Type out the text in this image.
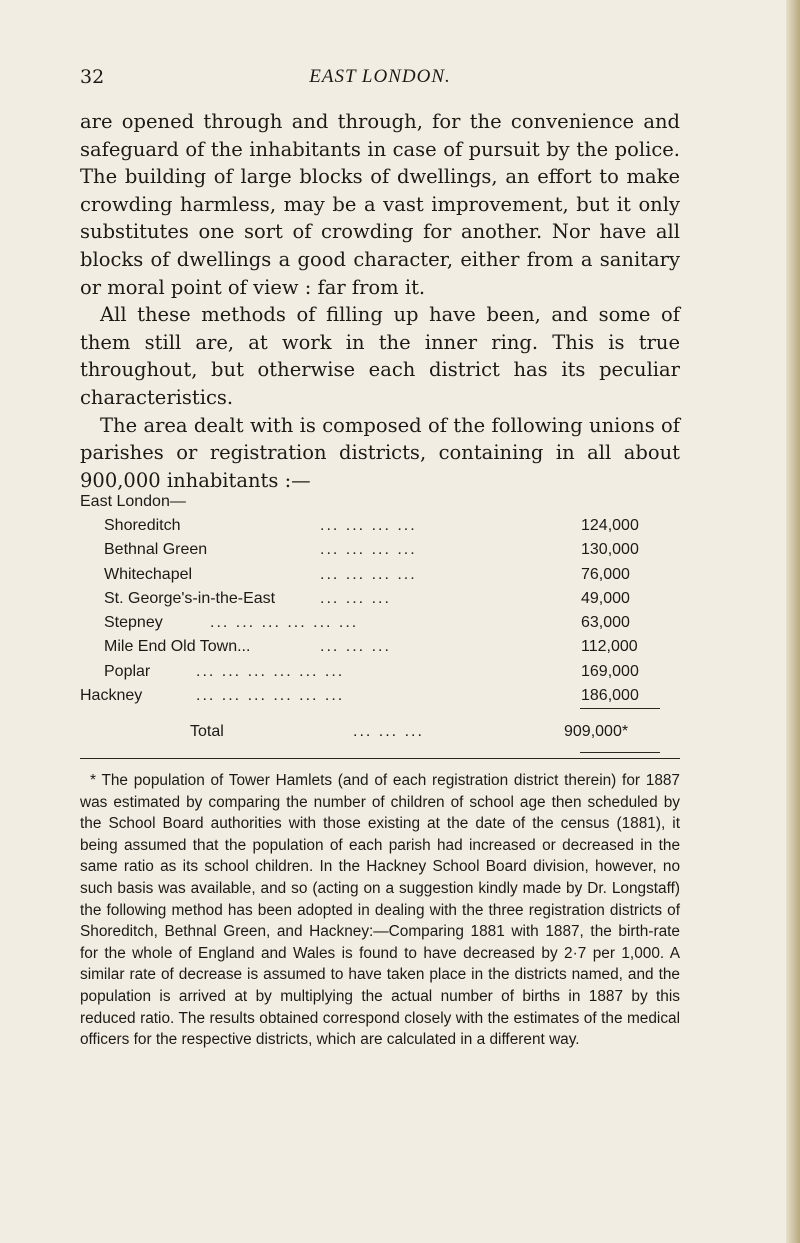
32	EAST LONDON.

are opened through and through, for the convenience and safeguard of the inhabitants in case of pursuit by the police. The building of large blocks of dwellings, an effort to make crowding harmless, may be a vast improvement, but it only substitutes one sort of crowding for another. Nor have all blocks of dwellings a good character, either from a sanitary or moral point of view : far from it.

All these methods of filling up have been, and some of them still are, at work in the inner ring. This is true throughout, but otherwise each district has its peculiar characteristics.

The area dealt with is composed of the following unions of parishes or registration districts, containing in all about 900,000 inhabitants :—

East London—
Shoreditch	... ... ... ...	124,000
Bethnal Green	... ... ... ...	130,000
Whitechapel	... ... ... ...	76,000
St. George's-in-the-East	... ... ...	49,000
Stepney	... ... ... ... ... ...	63,000
Mile End Old Town...	... ... ...	112,000
Poplar	... ... ... ... ... ...	169,000
Hackney	... ... ... ... ... ...	186,000
Total	... ... ...	909,000*
* The population of Tower Hamlets (and of each registration district therein) for 1887 was estimated by comparing the number of children of school age then scheduled by the School Board authorities with those existing at the date of the census (1881), it being assumed that the population of each parish had increased or decreased in the same ratio as its school children. In the Hackney School Board division, however, no such basis was available, and so (acting on a suggestion kindly made by Dr. Longstaff) the following method has been adopted in dealing with the three registration districts of Shoreditch, Bethnal Green, and Hackney:—Comparing 1881 with 1887, the birth-rate for the whole of England and Wales is found to have decreased by 2·7 per 1,000. A similar rate of decrease is assumed to have taken place in the districts named, and the population is arrived at by multiplying the actual number of births in 1887 by this reduced ratio. The results obtained correspond closely with the estimates of the medical officers for the respective districts, which are calculated in a different way.
